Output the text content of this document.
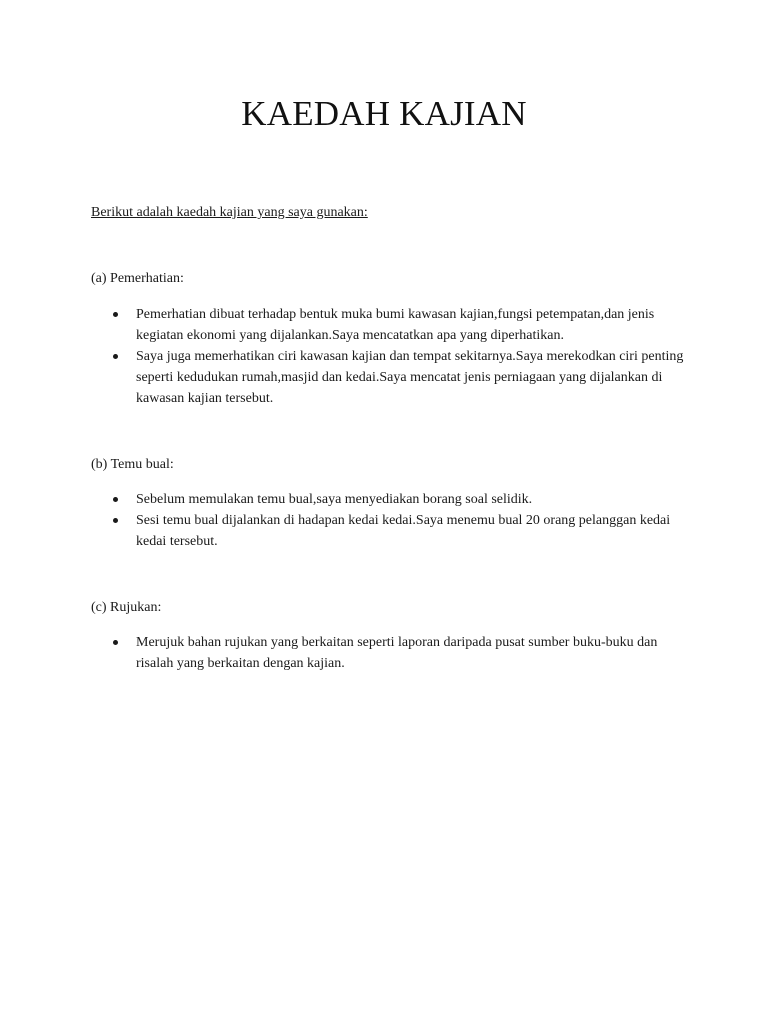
KAEDAH KAJIAN

Berikut adalah kaedah kajian yang saya gunakan:

(a) Pemerhatian:

Pemerhatian dibuat terhadap bentuk muka bumi kawasan kajian,fungsi petempatan,dan jenis kegiatan ekonomi yang dijalankan.Saya mencatatkan apa yang diperhatikan.
Saya juga memerhatikan ciri kawasan kajian dan tempat sekitarnya.Saya merekodkan ciri penting seperti kedudukan rumah,masjid dan kedai.Saya mencatat jenis perniagaan yang dijalankan di kawasan kajian tersebut.

(b) Temu bual:

Sebelum memulakan temu bual,saya menyediakan borang soal selidik.
Sesi temu bual dijalankan di hadapan kedai kedai.Saya menemu bual 20 orang pelanggan kedai kedai tersebut.

(c) Rujukan:

Merujuk bahan rujukan yang berkaitan seperti laporan daripada pusat sumber buku-buku dan risalah yang berkaitan dengan kajian.
